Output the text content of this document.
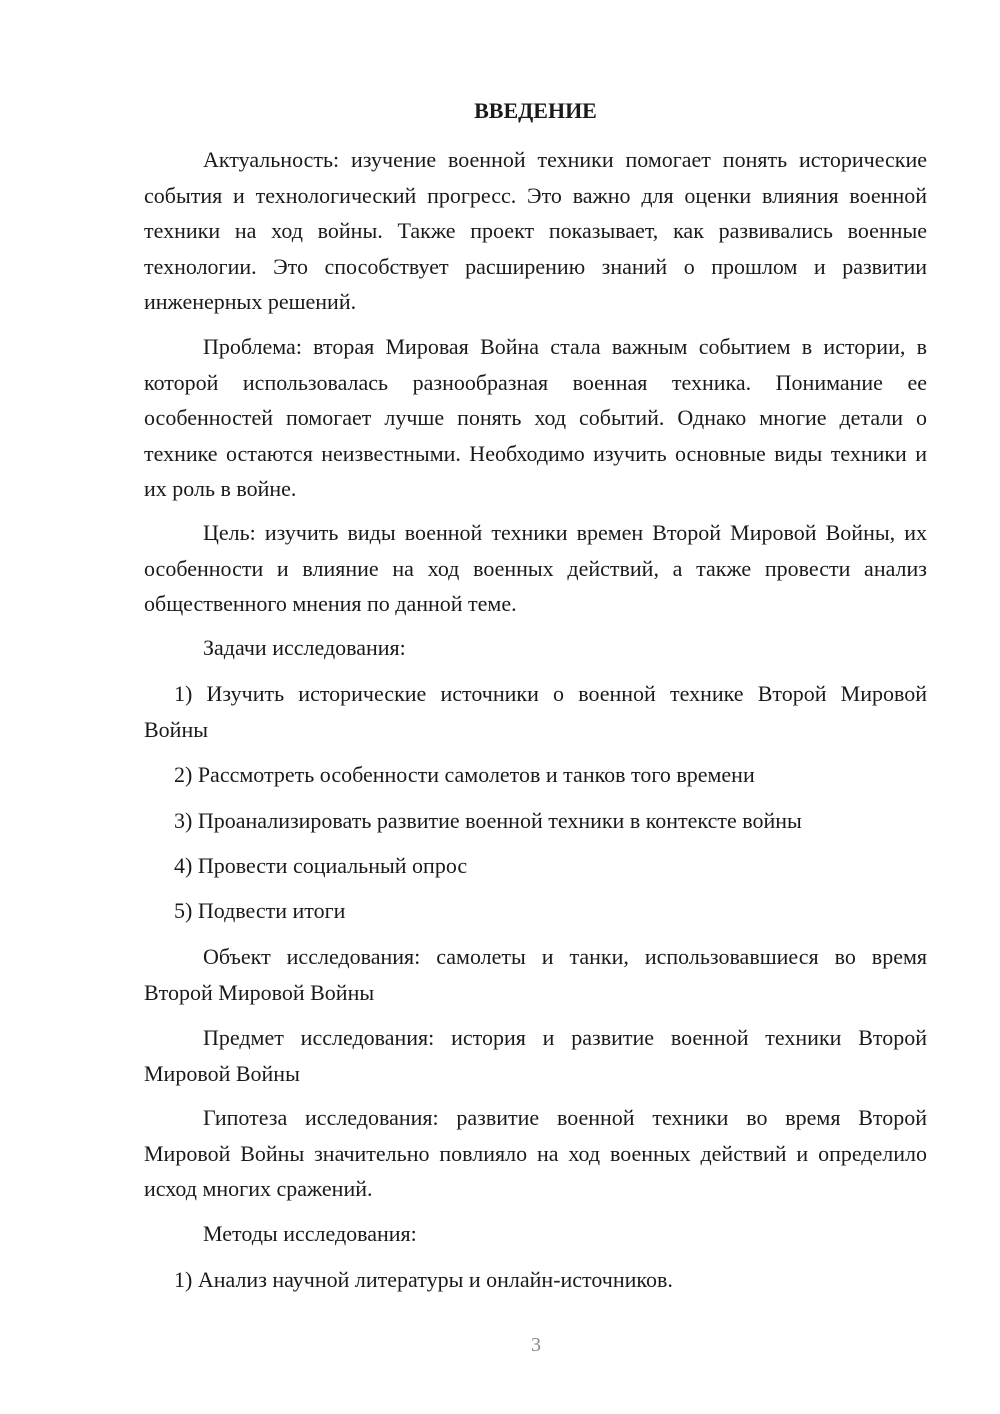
ВВЕДЕНИЕ

Актуальность: изучение военной техники помогает понять исторические события и технологический прогресс. Это важно для оценки влияния военной техники на ход войны. Также проект показывает, как развивались военные технологии. Это способствует расширению знаний о прошлом и развитии инженерных решений.

Проблема: вторая Мировая Война стала важным событием в истории, в которой использовалась разнообразная военная техника. Понимание ее особенностей помогает лучше понять ход событий. Однако многие детали о технике остаются неизвестными. Необходимо изучить основные виды техники и их роль в войне.

Цель: изучить виды военной техники времен Второй Мировой Войны, их особенности и влияние на ход военных действий, а также провести анализ общественного мнения по данной теме.

Задачи исследования:

1) Изучить исторические источники о военной технике Второй Мировой Войны

2) Рассмотреть особенности самолетов и танков того времени

3) Проанализировать развитие военной техники в контексте войны

4) Провести социальный опрос

5) Подвести итоги

Объект исследования: самолеты и танки, использовавшиеся во время Второй Мировой Войны

Предмет исследования: история и развитие военной техники Второй Мировой Войны

Гипотеза исследования: развитие военной техники во время Второй Мировой Войны значительно повлияло на ход военных действий и определило исход многих сражений.

Методы исследования:

1) Анализ научной литературы и онлайн-источников.

3
